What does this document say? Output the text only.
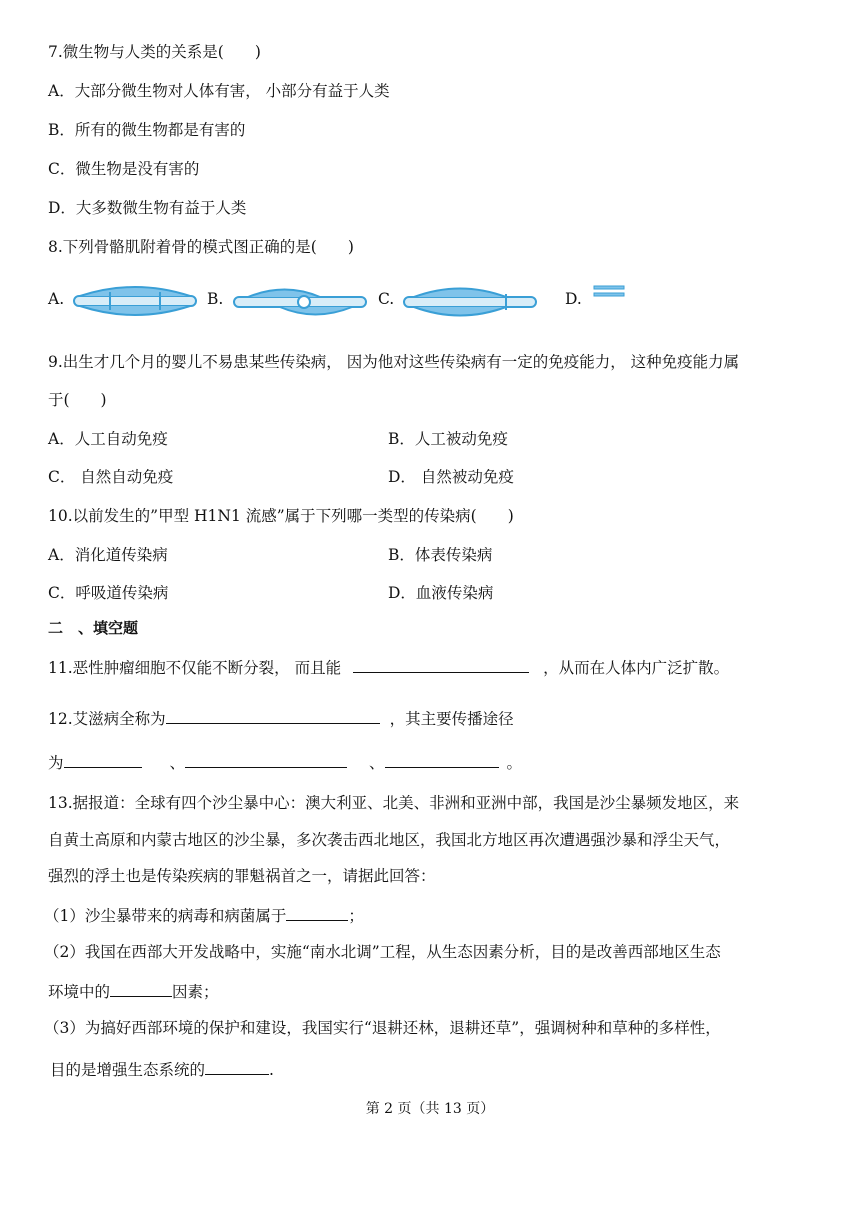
7.微生物与人类的关系是(　　)
A．大部分微生物对人体有害， 小部分有益于人类
B．所有的微生物都是有害的
C．微生物是没有害的
D．大多数微生物有益于人类
8.下列骨骼肌附着骨的模式图正确的是(　　)
A.	B.	C.	D.
9.出生才几个月的婴儿不易患某些传染病， 因为他对这些传染病有一定的免疫能力， 这种免疫能力属
于(　　)
A．人工自动免疫	B．人工被动免疫
C． 自然自动免疫	D． 自然被动免疫
10.以前发生的”甲型 H1N1 流感”属于下列哪一类型的传染病(　　)
A．消化道传染病	B．体表传染病
C．呼吸道传染病	D．血液传染病
二　、填空题
11.恶性肿瘤细胞不仅能不断分裂， 而且能	，从而在人体内广泛扩散。
12.艾滋病全称为	，其主要传播途径
为	、	、	。
13.据报道：全球有四个沙尘暴中心：澳大利亚、北美、非洲和亚洲中部，我国是沙尘暴频发地区，来
自黄土高原和内蒙古地区的沙尘暴，多次袭击西北地区，我国北方地区再次遭遇强沙暴和浮尘天气，
强烈的浮土也是传染疾病的罪魁祸首之一，请据此回答：
（1）沙尘暴带来的病毒和病菌属于	；
（2）我国在西部大开发战略中，实施“南水北调”工程，从生态因素分析，目的是改善西部地区生态
环境中的	因素；
（3）为搞好西部环境的保护和建设，我国实行“退耕还林，退耕还草”，强调树种和草种的多样性，
目的是增强生态系统的	.
第 2 页（共 13 页）
